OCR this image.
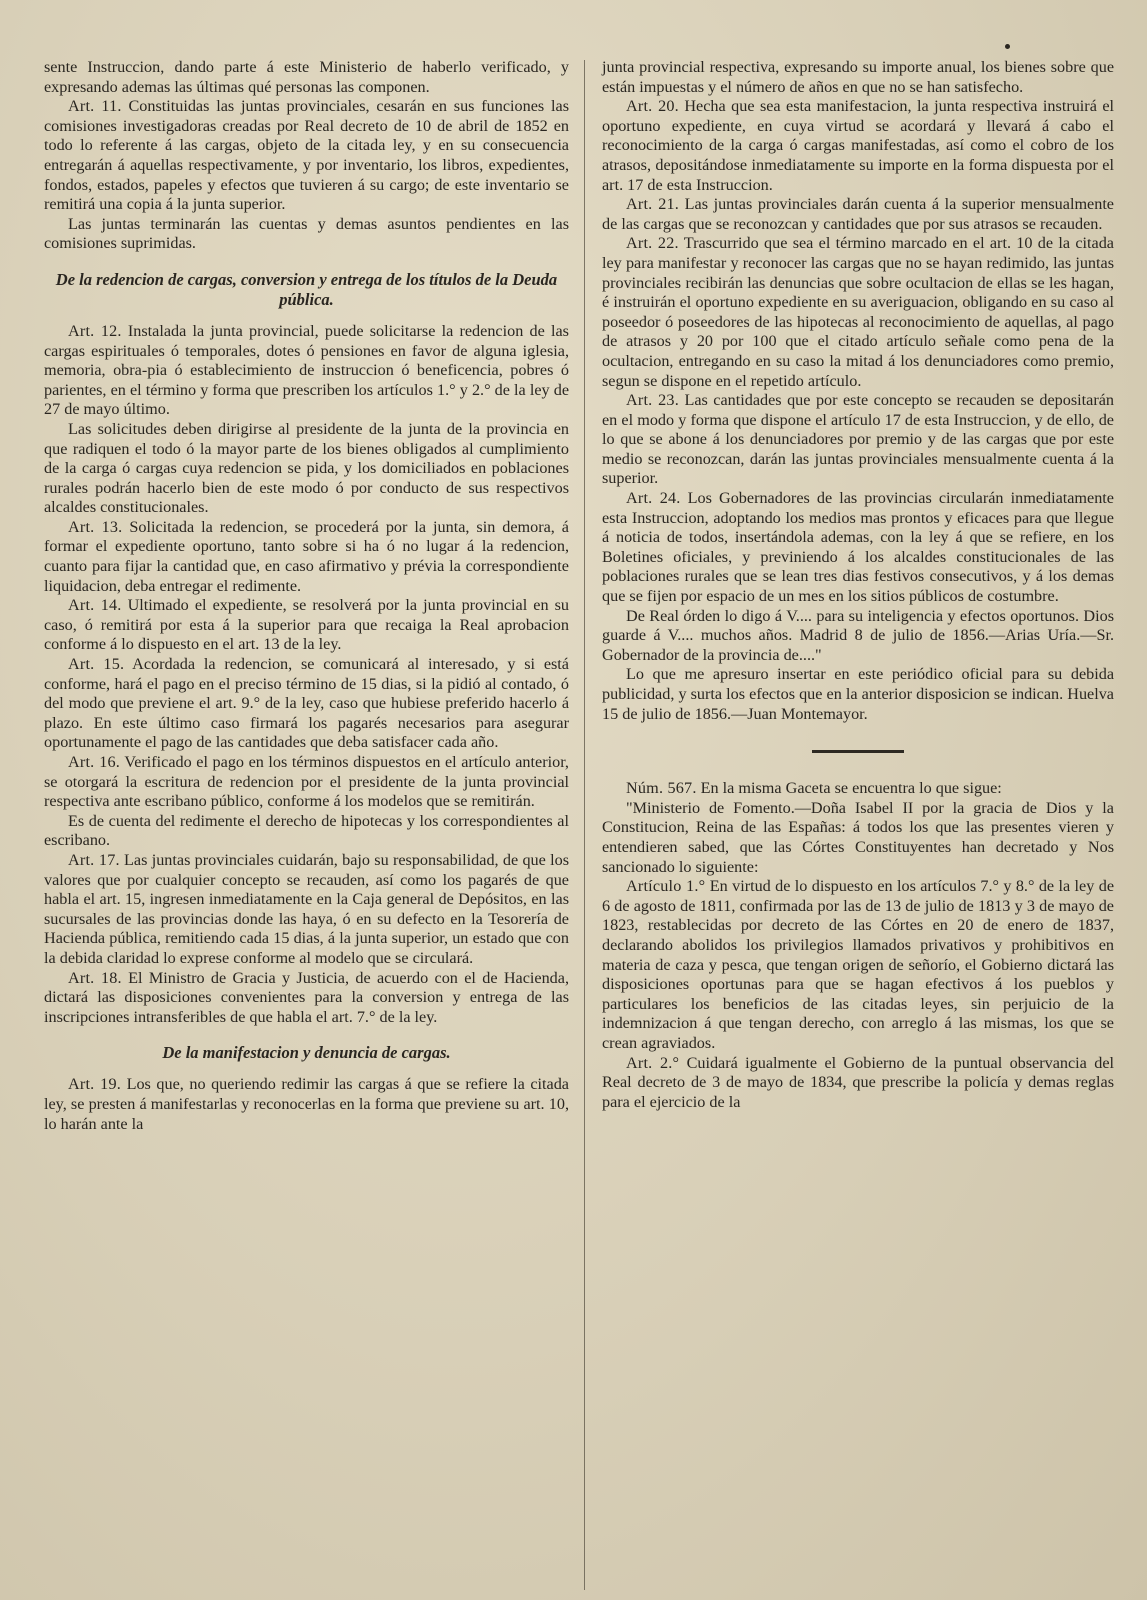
sente Instruccion, dando parte á este Ministerio de haberlo verificado, y expresando ademas las últimas qué personas las componen.

Art. 11. Constituidas las juntas provinciales, cesarán en sus funciones las comisiones investigadoras creadas por Real decreto de 10 de abril de 1852 en todo lo referente á las cargas, objeto de la citada ley, y en su consecuencia entregarán á aquellas respectivamente, y por inventario, los libros, expedientes, fondos, estados, papeles y efectos que tuvieren á su cargo; de este inventario se remitirá una copia á la junta superior.

Las juntas terminarán las cuentas y demas asuntos pendientes en las comisiones suprimidas.

De la redencion de cargas, conversion y entrega de los títulos de la Deuda pública.

Art. 12. Instalada la junta provincial, puede solicitarse la redencion de las cargas espirituales ó temporales, dotes ó pensiones en favor de alguna iglesia, memoria, obra-pia ó establecimiento de instruccion ó beneficencia, pobres ó parientes, en el término y forma que prescriben los artículos 1.° y 2.° de la ley de 27 de mayo último.

Las solicitudes deben dirigirse al presidente de la junta de la provincia en que radiquen el todo ó la mayor parte de los bienes obligados al cumplimiento de la carga ó cargas cuya redencion se pida, y los domiciliados en poblaciones rurales podrán hacerlo bien de este modo ó por conducto de sus respectivos alcaldes constitucionales.

Art. 13. Solicitada la redencion, se procederá por la junta, sin demora, á formar el expediente oportuno, tanto sobre si ha ó no lugar á la redencion, cuanto para fijar la cantidad que, en caso afirmativo y prévia la correspondiente liquidacion, deba entregar el redimente.

Art. 14. Ultimado el expediente, se resolverá por la junta provincial en su caso, ó remitirá por esta á la superior para que recaiga la Real aprobacion conforme á lo dispuesto en el art. 13 de la ley.

Art. 15. Acordada la redencion, se comunicará al interesado, y si está conforme, hará el pago en el preciso término de 15 dias, si la pidió al contado, ó del modo que previene el art. 9.° de la ley, caso que hubiese preferido hacerlo á plazo. En este último caso firmará los pagarés necesarios para asegurar oportunamente el pago de las cantidades que deba satisfacer cada año.

Art. 16. Verificado el pago en los términos dispuestos en el artículo anterior, se otorgará la escritura de redencion por el presidente de la junta provincial respectiva ante escribano público, conforme á los modelos que se remitirán.

Es de cuenta del redimente el derecho de hipotecas y los correspondientes al escribano.

Art. 17. Las juntas provinciales cuidarán, bajo su responsabilidad, de que los valores que por cualquier concepto se recauden, así como los pagarés de que habla el art. 15, ingresen inmediatamente en la Caja general de Depósitos, en las sucursales de las provincias donde las haya, ó en su defecto en la Tesorería de Hacienda pública, remitiendo cada 15 dias, á la junta superior, un estado que con la debida claridad lo exprese conforme al modelo que se circulará.

Art. 18. El Ministro de Gracia y Justicia, de acuerdo con el de Hacienda, dictará las disposiciones convenientes para la conversion y entrega de las inscripciones intransferibles de que habla el art. 7.° de la ley.

De la manifestacion y denuncia de cargas.

Art. 19. Los que, no queriendo redimir las cargas á que se refiere la citada ley, se presten á manifestarlas y reconocerlas en la forma que previene su art. 10, lo harán ante la

junta provincial respectiva, expresando su importe anual, los bienes sobre que están impuestas y el número de años en que no se han satisfecho.

Art. 20. Hecha que sea esta manifestacion, la junta respectiva instruirá el oportuno expediente, en cuya virtud se acordará y llevará á cabo el reconocimiento de la carga ó cargas manifestadas, así como el cobro de los atrasos, depositándose inmediatamente su importe en la forma dispuesta por el art. 17 de esta Instruccion.

Art. 21. Las juntas provinciales darán cuenta á la superior mensualmente de las cargas que se reconozcan y cantidades que por sus atrasos se recauden.

Art. 22. Trascurrido que sea el término marcado en el art. 10 de la citada ley para manifestar y reconocer las cargas que no se hayan redimido, las juntas provinciales recibirán las denuncias que sobre ocultacion de ellas se les hagan, é instruirán el oportuno expediente en su averiguacion, obligando en su caso al poseedor ó poseedores de las hipotecas al reconocimiento de aquellas, al pago de atrasos y 20 por 100 que el citado artículo señale como pena de la ocultacion, entregando en su caso la mitad á los denunciadores como premio, segun se dispone en el repetido artículo.

Art. 23. Las cantidades que por este concepto se recauden se depositarán en el modo y forma que dispone el artículo 17 de esta Instruccion, y de ello, de lo que se abone á los denunciadores por premio y de las cargas que por este medio se reconozcan, darán las juntas provinciales mensualmente cuenta á la superior.

Art. 24. Los Gobernadores de las provincias circularán inmediatamente esta Instruccion, adoptando los medios mas prontos y eficaces para que llegue á noticia de todos, insertándola ademas, con la ley á que se refiere, en los Boletines oficiales, y previniendo á los alcaldes constitucionales de las poblaciones rurales que se lean tres dias festivos consecutivos, y á los demas que se fijen por espacio de un mes en los sitios públicos de costumbre.

De Real órden lo digo á V.... para su inteligencia y efectos oportunos. Dios guarde á V.... muchos años. Madrid 8 de julio de 1856.—Arias Uría.—Sr. Gobernador de la provincia de...."

Lo que me apresuro insertar en este periódico oficial para su debida publicidad, y surta los efectos que en la anterior disposicion se indican. Huelva 15 de julio de 1856.—Juan Montemayor.

Núm. 567. En la misma Gaceta se encuentra lo que sigue:

"Ministerio de Fomento.—Doña Isabel II por la gracia de Dios y la Constitucion, Reina de las Españas: á todos los que las presentes vieren y entendieren sabed, que las Córtes Constituyentes han decretado y Nos sancionado lo siguiente:

Artículo 1.° En virtud de lo dispuesto en los artículos 7.° y 8.° de la ley de 6 de agosto de 1811, confirmada por las de 13 de julio de 1813 y 3 de mayo de 1823, restablecidas por decreto de las Córtes en 20 de enero de 1837, declarando abolidos los privilegios llamados privativos y prohibitivos en materia de caza y pesca, que tengan origen de señorío, el Gobierno dictará las disposiciones oportunas para que se hagan efectivos á los pueblos y particulares los beneficios de las citadas leyes, sin perjuicio de la indemnizacion á que tengan derecho, con arreglo á las mismas, los que se crean agraviados.

Art. 2.° Cuidará igualmente el Gobierno de la puntual observancia del Real decreto de 3 de mayo de 1834, que prescribe la policía y demas reglas para el ejercicio de la
